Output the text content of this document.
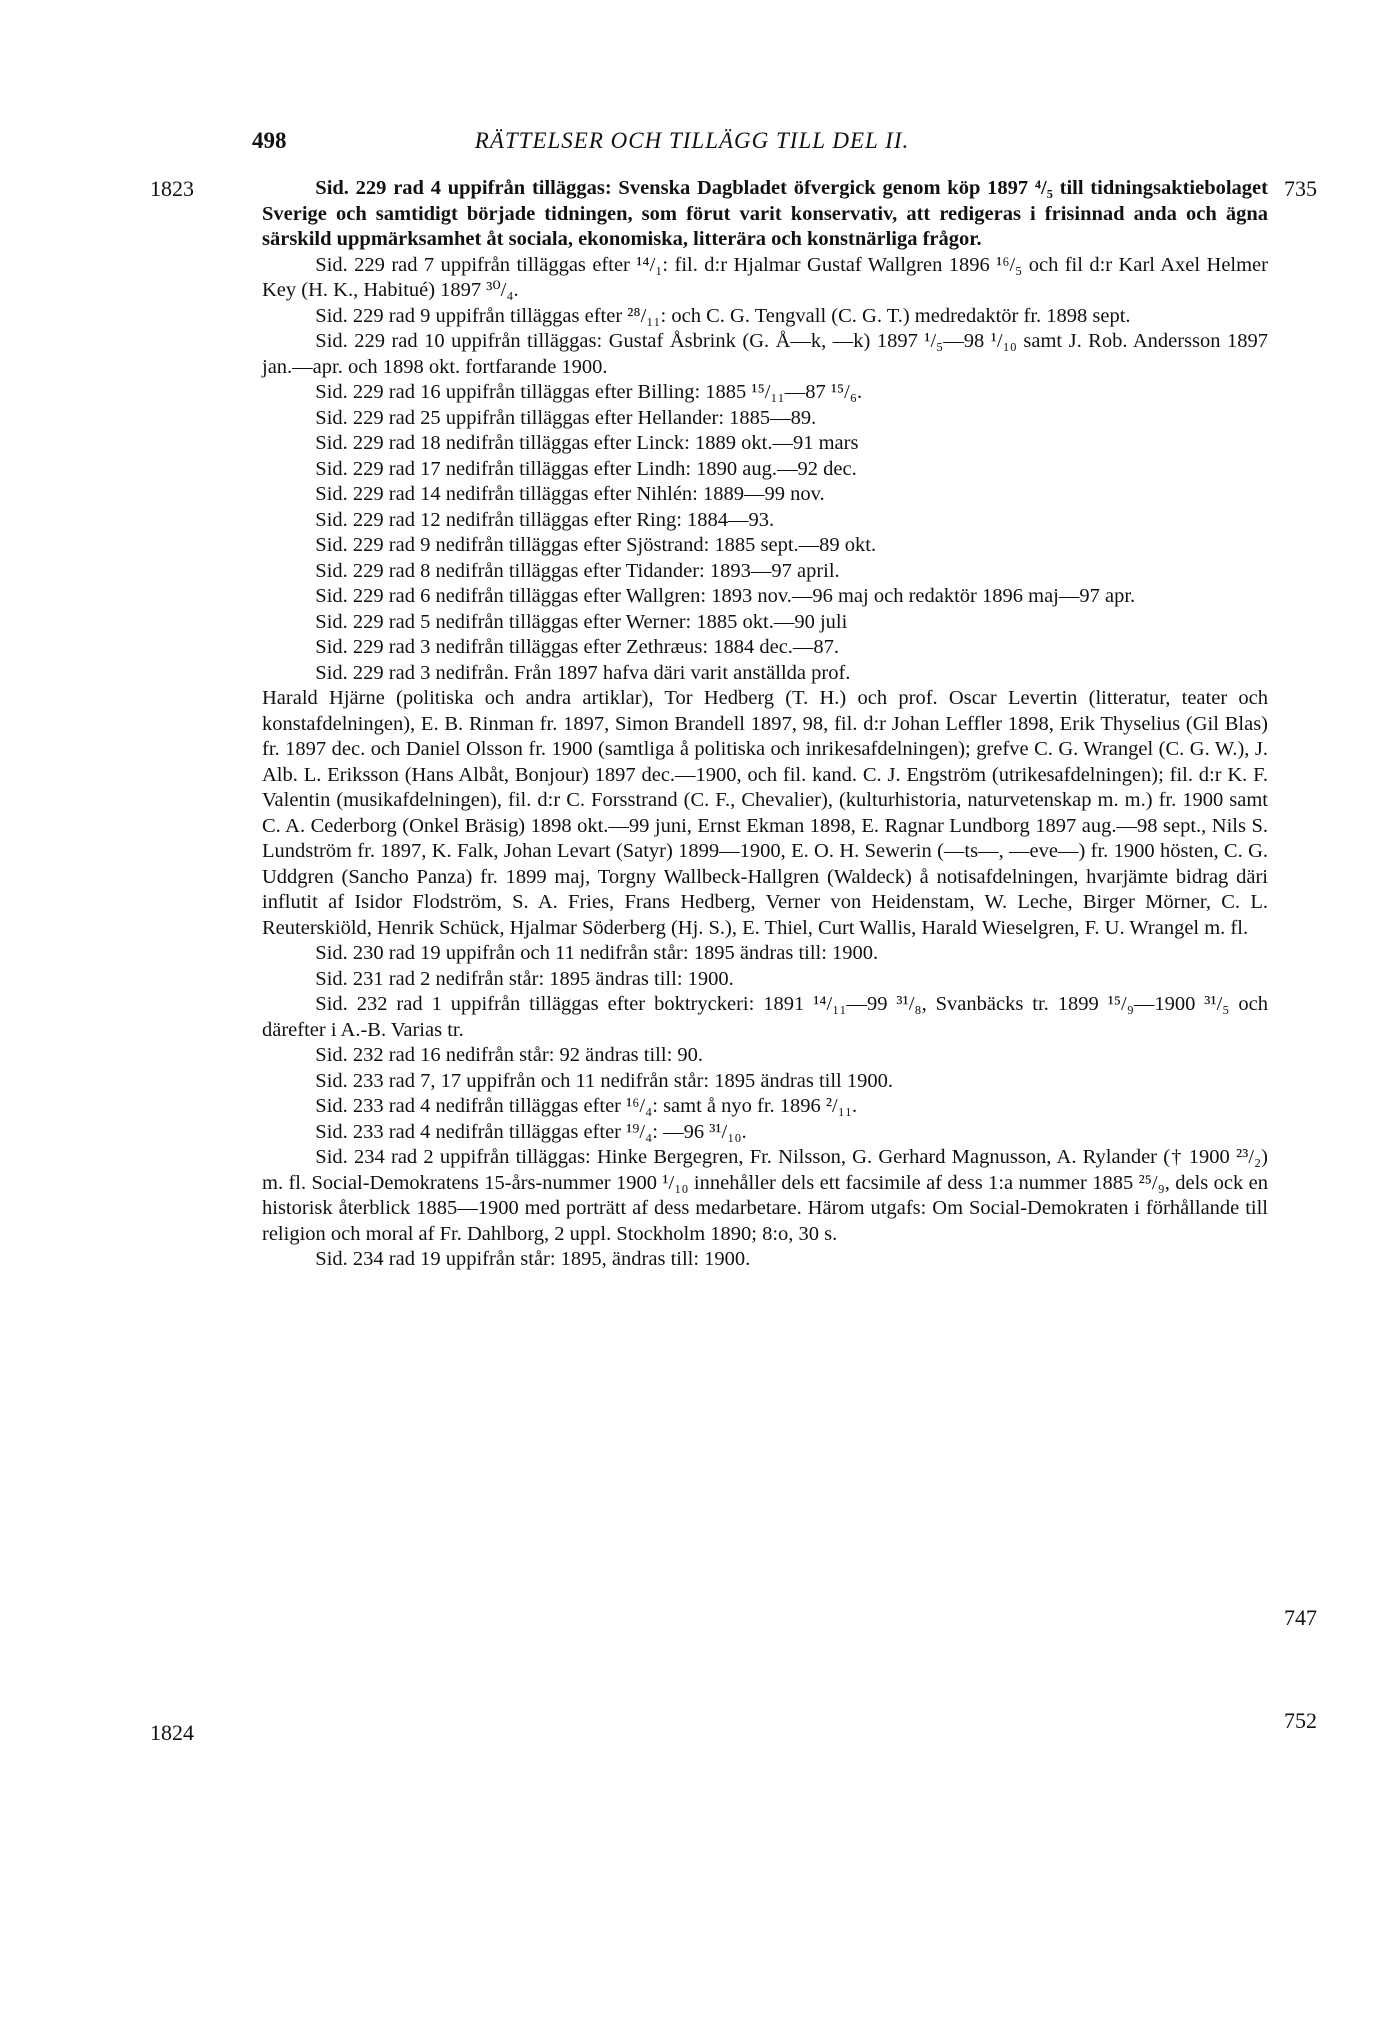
498	RÄTTELSER OCH TILLÄGG TILL DEL II.
1823	735
747
1824	752

Sid. 229 rad 4 uppifrån tilläggas: Svenska Dagbladet öfvergick genom köp 1897 ⁴/₅ till tidningsaktiebolaget Sverige och samtidigt började tidningen, som förut varit konservativ, att redigeras i frisinnad anda och ägna särskild uppmärksamhet åt sociala, ekonomiska, litterära och konstnärliga frågor.

Sid. 229 rad 7 uppifrån tilläggas efter ¹⁴/₁: fil. d:r Hjalmar Gustaf Wallgren 1896 ¹⁶/₅ och fil d:r Karl Axel Helmer Key (H. K., Habitué) 1897 ³⁰/₄.

Sid. 229 rad 9 uppifrån tilläggas efter ²⁸/₁₁: och C. G. Tengvall (C. G. T.) medredaktör fr. 1898 sept.

Sid. 229 rad 10 uppifrån tilläggas: Gustaf Åsbrink (G. Å—k, —k) 1897 ¹/₅—98 ¹/₁₀ samt J. Rob. Andersson 1897 jan.—apr. och 1898 okt. fortfarande 1900.

Sid. 229 rad 16 uppifrån tilläggas efter Billing: 1885 ¹⁵/₁₁—87 ¹⁵/₆.

Sid. 229 rad 25 uppifrån tilläggas efter Hellander: 1885—89.

Sid. 229 rad 18 nedifrån tilläggas efter Linck: 1889 okt.—91 mars

Sid. 229 rad 17 nedifrån tilläggas efter Lindh: 1890 aug.—92 dec.

Sid. 229 rad 14 nedifrån tilläggas efter Nihlén: 1889—99 nov.

Sid. 229 rad 12 nedifrån tilläggas efter Ring: 1884—93.

Sid. 229 rad 9 nedifrån tilläggas efter Sjöstrand: 1885 sept.—89 okt.

Sid. 229 rad 8 nedifrån tilläggas efter Tidander: 1893—97 april.

Sid. 229 rad 6 nedifrån tilläggas efter Wallgren: 1893 nov.—96 maj och redaktör 1896 maj—97 apr.

Sid. 229 rad 5 nedifrån tilläggas efter Werner: 1885 okt.—90 juli

Sid. 229 rad 3 nedifrån tilläggas efter Zethræus: 1884 dec.—87.

Sid. 229 rad 3 nedifrån. Från 1897 hafva däri varit anställda prof.

Harald Hjärne (politiska och andra artiklar), Tor Hedberg (T. H.) och prof. Oscar Levertin (litteratur, teater och konstafdelningen), E. B. Rinman fr. 1897, Simon Brandell 1897, 98, fil. d:r Johan Leffler 1898, Erik Thyselius (Gil Blas) fr. 1897 dec. och Daniel Olsson fr. 1900 (samtliga å politiska och inrikesafdelningen); grefve C. G. Wrangel (C. G. W.), J. Alb. L. Eriksson (Hans Albåt, Bonjour) 1897 dec.—1900, och fil. kand. C. J. Engström (utrikesafdelningen); fil. d:r K. F. Valentin (musikafdelningen), fil. d:r C. Forsstrand (C. F., Chevalier), (kulturhistoria, naturvetenskap m. m.) fr. 1900 samt C. A. Cederborg (Onkel Bräsig) 1898 okt.—99 juni, Ernst Ekman 1898, E. Ragnar Lundborg 1897 aug.—98 sept., Nils S. Lundström fr. 1897, K. Falk, Johan Levart (Satyr) 1899—1900, E. O. H. Sewerin (—ts—, —eve—) fr. 1900 hösten, C. G. Uddgren (Sancho Panza) fr. 1899 maj, Torgny Wallbeck-Hallgren (Waldeck) å notisafdelningen, hvarjämte bidrag däri influtit af Isidor Flodström, S. A. Fries, Frans Hedberg, Verner von Heidenstam, W. Leche, Birger Mörner, C. L. Reuterskiöld, Henrik Schück, Hjalmar Söderberg (Hj. S.), E. Thiel, Curt Wallis, Harald Wieselgren, F. U. Wrangel m. fl.

Sid. 230 rad 19 uppifrån och 11 nedifrån står: 1895 ändras till: 1900.

Sid. 231 rad 2 nedifrån står: 1895 ändras till: 1900.

Sid. 232 rad 1 uppifrån tilläggas efter boktryckeri: 1891 ¹⁴/₁₁—99 ³¹/₈, Svanbäcks tr. 1899 ¹⁵/₉—1900 ³¹/₅ och därefter i A.-B. Varias tr.

Sid. 232 rad 16 nedifrån står: 92 ändras till: 90.

Sid. 233 rad 7, 17 uppifrån och 11 nedifrån står: 1895 ändras till 1900.

Sid. 233 rad 4 nedifrån tilläggas efter ¹⁶/₄: samt å nyo fr. 1896 ²/₁₁.

Sid. 233 rad 4 nedifrån tilläggas efter ¹⁹/₄: —96 ³¹/₁₀.

Sid. 234 rad 2 uppifrån tilläggas: Hinke Bergegren, Fr. Nilsson, G. Gerhard Magnusson, A. Rylander († 1900 ²³/₂) m. fl. Social-Demokratens 15-års-nummer 1900 ¹/₁₀ innehåller dels ett facsimile af dess 1:a nummer 1885 ²⁵/₉, dels ock en historisk återblick 1885—1900 med porträtt af dess medarbetare. Härom utgafs: Om Social-Demokraten i förhållande till religion och moral af Fr. Dahlborg, 2 uppl. Stockholm 1890; 8:o, 30 s.

Sid. 234 rad 19 uppifrån står: 1895, ändras till: 1900.
